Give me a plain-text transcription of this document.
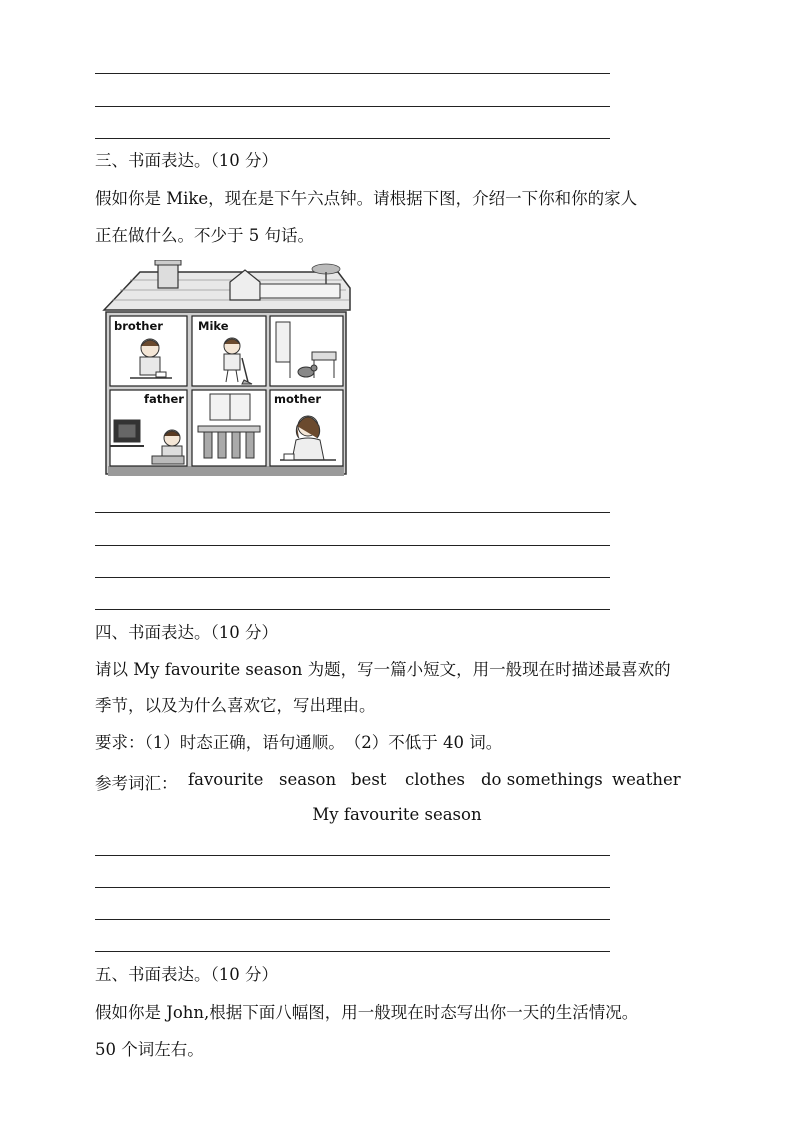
三、书面表达。（10 分）
假如你是 Mike，现在是下午六点钟。请根据下图，介绍一下你和你的家人
正在做什么。不少于 5 句话。
brother	Mike
father	mother
四、书面表达。（10 分）
请以 My favourite season 为题，写一篇小短文，用一般现在时描述最喜欢的
季节，以及为什么喜欢它，写出理由。
要求：（1）时态正确，语句通顺。　（2）不低于 40 词。
参考词汇： favourite season best clothes do somethings weather
My favourite season
五、书面表达。（10 分）
假如你是 John,根据下面八幅图，用一般现在时态写出你一天的生活情况。
50 个词左右。
